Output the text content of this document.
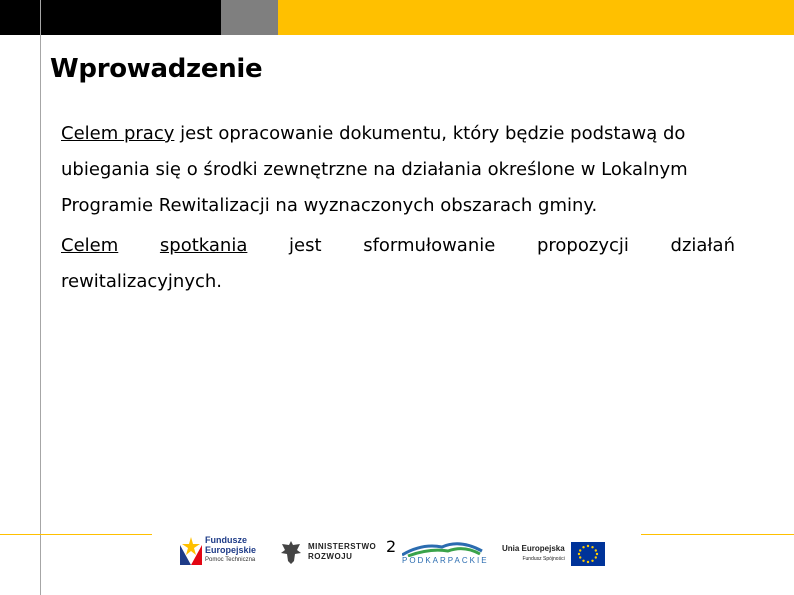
Wprowadzenie
Celem pracy jest opracowanie dokumentu, który będzie podstawą do
ubiegania się o środki zewnętrzne na działania określone w Lokalnym
Programie Rewitalizacji na wyznaczonych obszarach gminy.
Celem spotkania jest sformułowanie propozycji działań
rewitalizacyjnych.
Fundusze
Europejskie
Pomoc Techniczna
MINISTERSTWO
ROZWOJU	PODKARPACKIE
2	Unia Europejska
Fundusz Spójności
